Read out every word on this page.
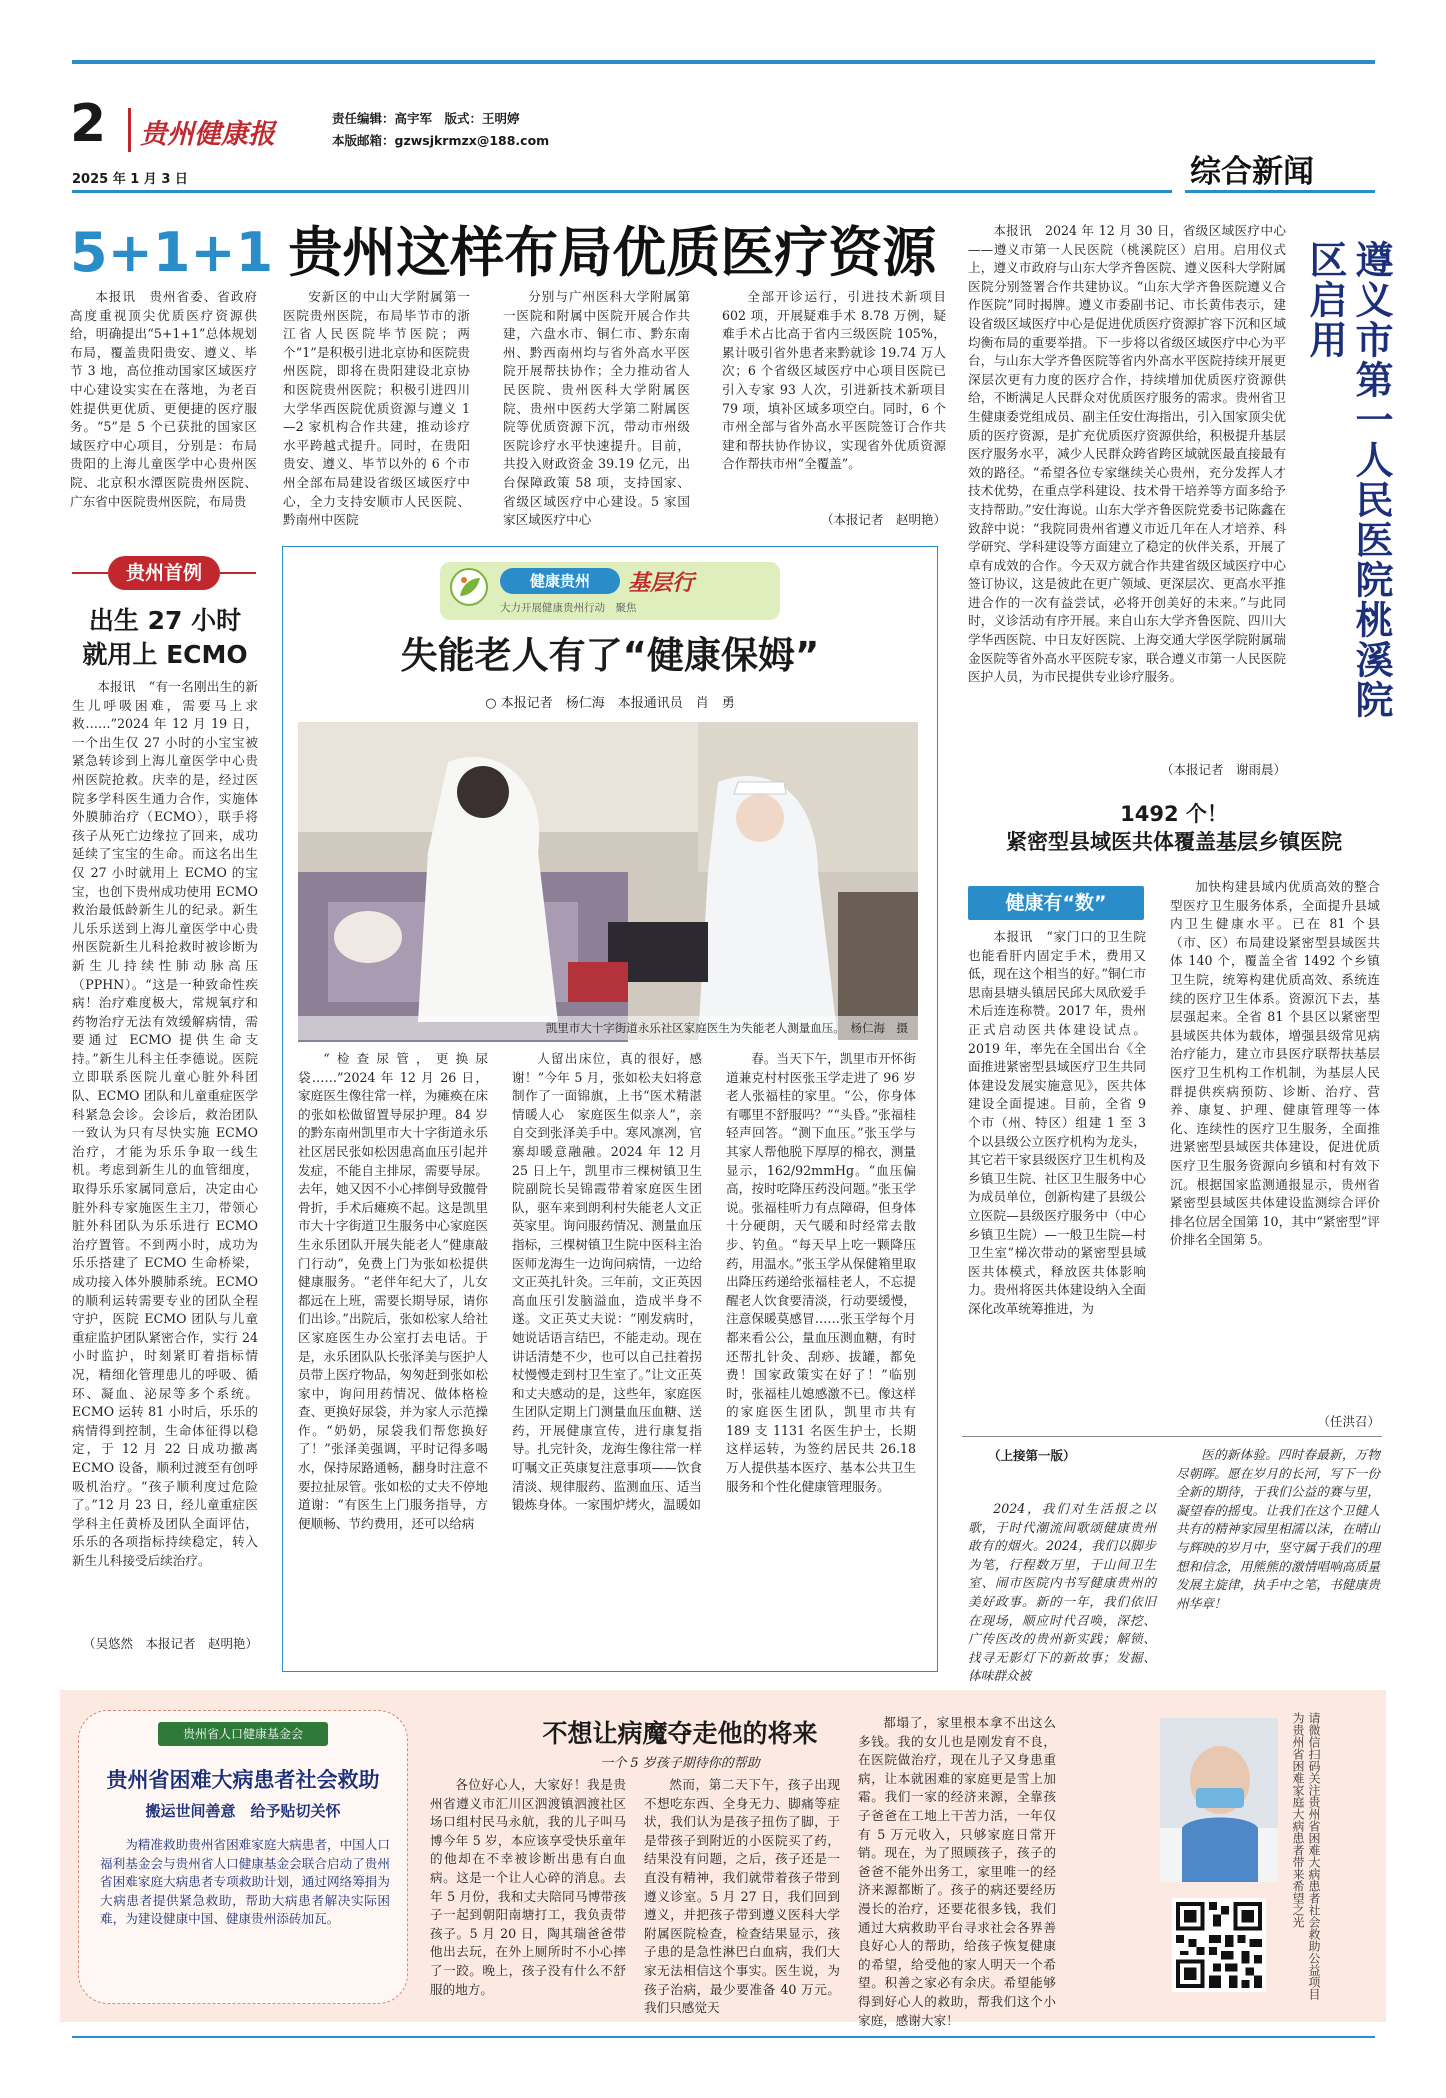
2 贵州健康报
责任编辑：高宇军　版式：王明婷
本版邮箱：gzwsjkrmzx@188.com
2025 年 1 月 3 日	综合新闻
5+1+1 贵州这样布局优质医疗资源

本报讯　贵州省委、省政府高度重视顶尖优质医疗资源供给，明确提出“5+1+1”总体规划布局，覆盖贵阳贵安、遵义、毕节 3 地，高位推动国家区域医疗中心建设实实在在落地，为老百姓提供更优质、更便捷的医疗服务。“5”是 5 个已获批的国家区域医疗中心项目，分别是：布局贵阳的上海儿童医学中心贵州医院、北京积水潭医院贵州医院、广东省中医院贵州医院，布局贵

安新区的中山大学附属第一医院贵州医院，布局毕节市的浙江省人民医院毕节医院；两个“1”是积极引进北京协和医院贵州医院，即将在贵阳建设北京协和医院贵州医院；积极引进四川大学华西医院优质资源与遵义 1—2 家机构合作共建，推动诊疗水平跨越式提升。同时，在贵阳贵安、遵义、毕节以外的 6 个市州全部布局建设省级区域医疗中心，全力支持安顺市人民医院、黔南州中医院

分别与广州医科大学附属第一医院和附属中医院开展合作共建，六盘水市、铜仁市、黔东南州、黔西南州均与省外高水平医院开展帮扶协作；全力推动省人民医院、贵州医科大学附属医院、贵州中医药大学第二附属医院等优质资源下沉，带动市州级医院诊疗水平快速提升。目前，共投入财政资金 39.19 亿元，出台保障政策 58 项，支持国家、省级区域医疗中心建设。5 家国家区域医疗中心

全部开诊运行，引进技术新项目 602 项，开展疑难手术 8.78 万例，疑难手术占比高于省内三级医院 105%，累计吸引省外患者来黔就诊 19.74 万人次；6 个省级区域医疗中心项目医院已引入专家 93 人次，引进新技术新项目 79 项，填补区域多项空白。同时，6 个市州全部与省外高水平医院签订合作共建和帮扶协作协议，实现省外优质资源合作帮扶市州“全覆盖”。

（本报记者　赵明艳）

本报讯　2024 年 12 月 30 日，省级区域医疗中心——遵义市第一人民医院（桃溪院区）启用。启用仪式上，遵义市政府与山东大学齐鲁医院、遵义医科大学附属医院分别签署合作共建协议。“山东大学齐鲁医院遵义合作医院”同时揭牌。遵义市委副书记、市长黄伟表示，建设省级区域医疗中心是促进优质医疗资源扩容下沉和区域均衡布局的重要举措。下一步将以省级区域医疗中心为平台，与山东大学齐鲁医院等省内外高水平医院持续开展更深层次更有力度的医疗合作，持续增加优质医疗资源供给，不断满足人民群众对优质医疗服务的需求。贵州省卫生健康委党组成员、副主任安仕海指出，引入国家顶尖优质的医疗资源，是扩充优质医疗资源供给，积极提升基层医疗服务水平，减少人民群众跨省跨区域就医最直接最有效的路径。“希望各位专家继续关心贵州，充分发挥人才技术优势，在重点学科建设、技术骨干培养等方面多给予支持帮助。”安仕海说。山东大学齐鲁医院党委书记陈鑫在致辞中说：“我院同贵州省遵义市近几年在人才培养、科学研究、学科建设等方面建立了稳定的伙伴关系，开展了卓有成效的合作。今天双方就合作共建省级区域医疗中心签订协议，这是彼此在更广领域、更深层次、更高水平推进合作的一次有益尝试，必将开创美好的未来。”与此同时，义诊活动有序开展。来自山东大学齐鲁医院、四川大学华西医院、中日友好医院、上海交通大学医学院附属瑞金医院等省外高水平医院专家，联合遵义市第一人民医院医护人员，为市民提供专业诊疗服务。

（本报记者　谢雨晨）
遵义市第一人民医院桃溪院区启用
贵州首例
出生 27 小时
就用上 ECMO

本报讯　“有一名刚出生的新生儿呼吸困难，需要马上求救……”2024 年 12 月 19 日，一个出生仅 27 小时的小宝宝被紧急转诊到上海儿童医学中心贵州医院抢救。庆幸的是，经过医院多学科医生通力合作，实施体外膜肺治疗（ECMO），联手将孩子从死亡边缘拉了回来，成功延续了宝宝的生命。而这名出生仅 27 小时就用上 ECMO 的宝宝，也创下贵州成功使用 ECMO 救治最低龄新生儿的纪录。新生儿乐乐送到上海儿童医学中心贵州医院新生儿科抢救时被诊断为新生儿持续性肺动脉高压（PPHN）。“这是一种致命性疾病！治疗难度极大，常规氧疗和药物治疗无法有效缓解病情，需要通过 ECMO 提供生命支持。”新生儿科主任李德说。医院立即联系医院儿童心脏外科团队、ECMO 团队和儿童重症医学科紧急会诊。会诊后，救治团队一致认为只有尽快实施 ECMO 治疗，才能为乐乐争取一线生机。考虑到新生儿的血管细度，取得乐乐家属同意后，决定由心脏外科专家施医生主刀，带领心脏外科团队为乐乐进行 ECMO 治疗置管。不到两小时，成功为乐乐搭建了 ECMO 生命桥梁，成功接入体外膜肺系统。ECMO 的顺利运转需要专业的团队全程守护，医院 ECMO 团队与儿童重症监护团队紧密合作，实行 24 小时监护，时刻紧盯着指标情况，精细化管理患儿的呼吸、循环、凝血、泌尿等多个系统。ECMO 运转 81 小时后，乐乐的病情得到控制，生命体征得以稳定，于 12 月 22 日成功撤离 ECMO 设备，顺利过渡至有创呼吸机治疗。“孩子顺利度过危险了。”12 月 23 日，经儿童重症医学科主任黄桥及团队全面评估，乐乐的各项指标持续稳定，转入新生儿科接受后续治疗。

（吴悠然　本报记者　赵明艳）
健康贵州	基层行
大力开展健康贵州行动　聚焦
失能老人有了“健康保姆”
○ 本报记者　杨仁海　本报通讯员　肖　勇
凯里市大十字街道永乐社区家庭医生为失能老人测量血压。　杨仁海　摄

“检查尿管，更换尿袋……”2024 年 12 月 26 日，家庭医生像往常一样，为瘫痪在床的张如松做留置导尿护理。84 岁的黔东南州凯里市大十字街道永乐社区居民张如松因患高血压引起并发症，不能自主排尿，需要导尿。去年，她又因不小心摔倒导致髋骨骨折，手术后瘫痪不起。这是凯里市大十字街道卫生服务中心家庭医生永乐团队开展失能老人“健康敲门行动”，免费上门为张如松提供健康服务。“老伴年纪大了，儿女都远在上班，需要长期导尿，请你们出诊。”出院后，张如松家人给社区家庭医生办公室打去电话。于是，永乐团队队长张泽美与医护人员带上医疗物品，匆匆赶到张如松家中，询问用药情况、做体格检查、更换好尿袋，并为家人示范操作。“奶奶，尿袋我们帮您换好了！”张泽美强调，平时记得多喝水，保持尿路通畅，翻身时注意不要拉扯尿管。张如松的丈夫不停地道谢：“有医生上门服务指导，方便顺畅、节约费用，还可以给病

人留出床位，真的很好，感谢！”今年 5 月，张如松夫妇将意制作了一面锦旗，上书“医术精湛情暖人心　家庭医生似亲人”，亲自交到张泽美手中。寒风凛冽，官寨却暖意融融。2024 年 12 月 25 日上午，凯里市三棵树镇卫生院副院长吴锦霞带着家庭医生团队，驱车来到朗利村失能老人文正英家里。询问服药情况、测量血压指标，三棵树镇卫生院中医科主治医师龙海生一边询问病情，一边给文正英扎针灸。三年前，文正英因高血压引发脑溢血，造成半身不遂。文正英丈夫说：“刚发病时，她说话语言结巴，不能走动。现在讲话清楚不少，也可以自己拄着拐杖慢慢走到村卫生室了。”让文正英和丈夫感动的是，这些年，家庭医生团队定期上门测量血压血糖、送药，开展健康宣传，进行康复指导。扎完针灸，龙海生像往常一样叮嘱文正英康复注意事项——饮食清淡、规律服药、监测血压、适当锻炼身体。一家围炉烤火，温暖如

春。当天下午，凯里市开怀街道兼克村村医张玉学走进了 96 岁老人张福桂的家里。“公，你身体有哪里不舒服吗？”“头昏。”张福桂轻声回答。“测下血压。”张玉学与其家人帮他脱下厚厚的棉衣，测量显示，162/92mmHg。“血压偏高，按时吃降压药没问题。”张玉学说。张福桂听力有点障碍，但身体十分硬朗，天气暖和时经常去散步、钓鱼。“每天早上吃一颗降压药，用温水。”张玉学从保健箱里取出降压药递给张福桂老人，不忘提醒老人饮食要清淡，行动要缓慢，注意保暖莫感冒……张玉学每个月都来看公公，量血压测血糖，有时还帮扎针灸、刮痧、拔罐，都免费！国家政策实在好了！”临别时，张福桂儿媳感激不已。像这样的家庭医生团队，凯里市共有 189 支 1131 名医生护士，长期这样运转，为签约居民共 26.18 万人提供基本医疗、基本公共卫生服务和个性化健康管理服务。

1492 个！
紧密型县域医共体覆盖基层乡镇医院
健康有“数”

本报讯　“家门口的卫生院也能看肝内固定手术，费用又低，现在这个相当的好。”铜仁市思南县塘头镇居民邱大凤欣爱手术后连连称赞。2017 年，贵州正式启动医共体建设试点。2019 年，率先在全国出台《全面推进紧密型县域医疗卫生共同体建设发展实施意见》，医共体建设全面提速。目前，全省 9 个市（州、特区）组建 1 至 3 个以县级公立医疗机构为龙头，其它若干家县级医疗卫生机构及乡镇卫生院、社区卫生服务中心为成员单位，创新构建了县级公立医院—县级医疗服务中（中心乡镇卫生院）—一般卫生院—村卫生室”梯次带动的紧密型县域医共体模式，释放医共体影响力。贵州将医共体建设纳入全面深化改革统筹推进，为

加快构建县域内优质高效的整合型医疗卫生服务体系，全面提升县域内卫生健康水平。已在 81 个县（市、区）布局建设紧密型县域医共体 140 个，覆盖全省 1492 个乡镇卫生院，统筹构建优质高效、系统连续的医疗卫生体系。资源沉下去，基层强起来。全省 81 个县区以紧密型县域医共体为载体，增强县级常见病治疗能力，建立市县医疗联帮扶基层医疗卫生机构工作机制，为基层人民群提供疾病预防、诊断、治疗、营养、康复、护理、健康管理等一体化、连续性的医疗卫生服务，全面推进紧密型县域医共体建设，促进优质医疗卫生服务资源向乡镇和村有效下沉。根据国家监测通报显示，贵州省紧密型县域医共体建设监测综合评价排名位居全国第 10，其中“紧密型”评价排名全国第 5。

（任洪召）
（上接第一版）

2024，我们对生活报之以歌，于时代潮流间歌颂健康贵州敢有的烟火。2024，我们以脚步为笔，行程数万里，于山间卫生室、闹市医院内书写健康贵州的美好政事。新的一年，我们依旧在现场，顺应时代召唤，深挖、广传医改的贵州新实践；解锁、找寻无影灯下的新故事；发掘、体味群众被

医的新体验。四时春最新，万物尽朝晖。愿在岁月的长河，写下一份全新的期待，于我们公益的赛与里，凝望春的摇曳。让我们在这个卫健人共有的精神家园里相濡以沫，在晴山与辉映的岁月中，坚守属于我们的理想和信念，用熊熊的激情唱响高质量发展主旋律，执手中之笔，书健康贵州华章！

贵州省人口健康基金会
贵州省困难大病患者社会救助
搬运世间善意　给予贴切关怀

为精准救助贵州省困难家庭大病患者，中国人口福利基金会与贵州省人口健康基金会联合启动了贵州省困难家庭大病患者专项救助计划，通过网络筹捐为大病患者提供紧急救助，帮助大病患者解决实际困难，为建设健康中国、健康贵州添砖加瓦。

不想让病魔夺走他的将来
一个 5 岁孩子期待你的帮助

各位好心人，大家好！我是贵州省遵义市汇川区泗渡镇泗渡社区场口组村民马永航，我的儿子叫马博今年 5 岁，本应该享受快乐童年的他却在不幸被诊断出患有白血病。这是一个让人心碎的消息。去年 5 月份，我和丈夫陪同马博带孩子一起到朝阳南塘打工，我负责带孩子。5 月 20 日，陶其瑞爸爸带他出去玩，在外上厕所时不小心摔了一跤。晚上，孩子没有什么不舒服的地方。

然而，第二天下午，孩子出现不想吃东西、全身无力、脚痛等症状，我们认为是孩子扭伤了脚，于是带孩子到附近的小医院买了药，结果没有问题，之后，孩子还是一直没有精神，我们就带着孩子带到遵义诊室。5 月 27 日，我们回到遵义，并把孩子带到遵义医科大学附属医院检查，检查结果显示，孩子患的是急性淋巴白血病，我们大家无法相信这个事实。医生说，为孩子治病，最少要准备 40 万元。我们只感觉天

都塌了，家里根本拿不出这么多钱。我的女儿也是刚发育不良，在医院做治疗，现在儿子又身患重病，让本就困难的家庭更是雪上加霜。我们一家的经济来源，全靠孩子爸爸在工地上干苦力活，一年仅有 5 万元收入，只够家庭日常开销。现在，为了照顾孩子，孩子的爸爸不能外出务工，家里唯一的经济来源都断了。孩子的病还要经历漫长的治疗，还要花很多钱，我们通过大病救助平台寻求社会各界善良好心人的帮助，给孩子恢复健康的希望，给受他的家人明天一个希望。积善之家必有余庆。希望能够得到好心人的救助，帮我们这个小家庭，感谢大家！

请微信扫码关注贵州省困难大病患者社会救助公益项目　为贵州省困难家庭大病患者带来希望之光
